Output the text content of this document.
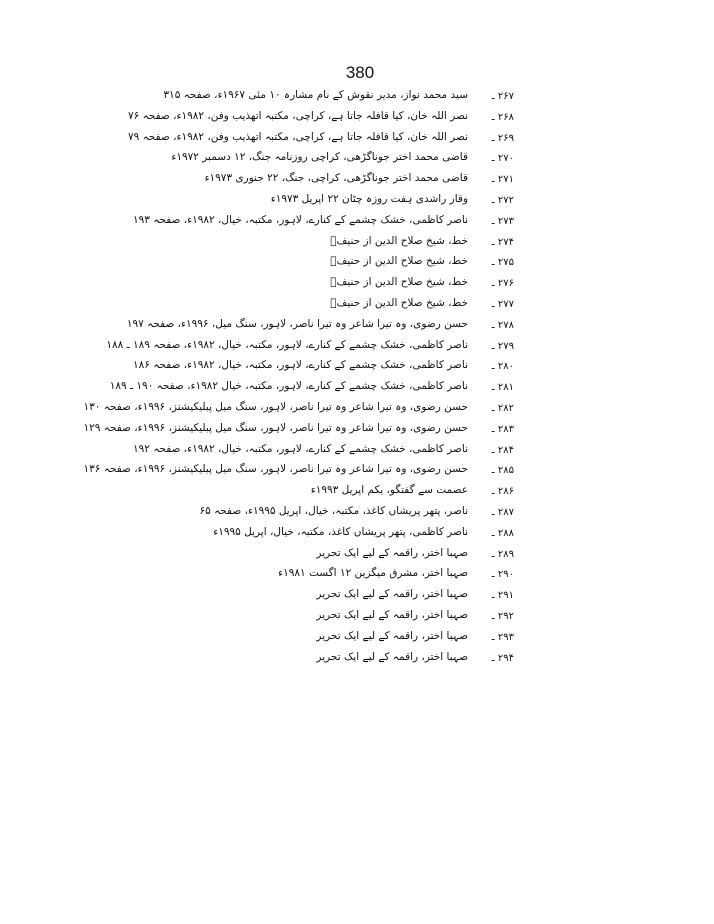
380
۲۶۷ ـ
سید محمد نواز، مدیر نقوش کے نام مشارہ ۱۰ مئی ۱۹۶۷ء، صفحہ ۳۱۵
۲۶۸ ـ
نصر اللہ خان، کیا قافلہ جاتا ہے، کراچی، مکتبہ اتھذیب وفن، ۱۹۸۲ء، صفحہ ۷۶
۲۶۹ ـ
نصر اللہ خان، کیا قافلہ جاتا ہے، کراچی، مکتبہ اتھذیب وفن، ۱۹۸۲ء، صفحہ ۷۹
۲۷۰ ـ
قاضی محمد اختر جوناگڑھی، کراچی روزنامہ جنگ، ۱۲ دسمبر ۱۹۷۲ء
۲۷۱ ـ
قاضی محمد اختر جوناگڑھی، کراچی، جنگ، ۲۲ جنوری ۱۹۷۳ء
۲۷۲ ـ
وقار راشدی ہفت روزہ چٹان ۲۲ اپریل ۱۹۷۳ء
۲۷۳ ـ
ناصر کاظمی، خشک چشمے کے کنارے، لاہور، مکتبہ، خیال، ۱۹۸۲ء، صفحہ ۱۹۳
۲۷۴ ـ
خط، شیخ صلاح الدین از حنیفؔ
۲۷۵ ـ
خط، شیخ صلاح الدین از حنیفؔ
۲۷۶ ـ
خط، شیخ صلاح الدین از حنیفؔ
۲۷۷ ـ
خط، شیخ صلاح الدین از حنیفؔ
۲۷۸ ـ
حسن رضوی، وہ تیرا شاعر وہ تیرا ناصر، لاہور، سنگ میل، ۱۹۹۶ء، صفحہ ۱۹۷
۲۷۹ ـ
ناصر کاظمی، خشک چشمے کے کنارے، لاہور، مکتبہ، خیال، ۱۹۸۲ء، صفحہ ۱۸۹ ـ ۱۸۸
۲۸۰ ـ
ناصر کاظمی، خشک چشمے کے کنارے، لاہور، مکتبہ، خیال، ۱۹۸۲ء، صفحہ ۱۸۶
۲۸۱ ـ
ناصر کاظمی، خشک چشمے کے کنارے، لاہور، مکتبہ، خیال ۱۹۸۲ء، صفحہ ۱۹۰ ـ ۱۸۹
۲۸۲ ـ
حسن رضوی، وہ تیرا شاعر وہ تیرا ناصر، لاہور، سنگ میل پبلیکیشنز، ۱۹۹۶ء، صفحہ ۱۳۰
۲۸۳ ـ
حسن رضوی، وہ تیرا شاعر وہ تیرا ناصر، لاہور، سنگ میل پبلیکیشنز، ۱۹۹۶ء، صفحہ ۱۲۹
۲۸۴ ـ
ناصر کاظمی، خشک چشمے کے کنارے، لاہور، مکتبہ، خیال، ۱۹۸۲ء، صفحہ ۱۹۲
۲۸۵ ـ
حسن رضوی، وہ تیرا شاعر وہ تیرا ناصر، لاہور، سنگ میل پبلیکیشنز، ۱۹۹۶ء، صفحہ ۱۳۶
۲۸۶ ـ
عصمت سے گفتگو، یکم اپریل ۱۹۹۳ء
۲۸۷ ـ
ناصر، پتھر پریشاں کاغذ، مکتبہ، خیال، اپریل ۱۹۹۵ء، صفحہ ۶۵
۲۸۸ ـ
ناصر کاظمی، پتھر پریشاں کاغذ، مکتبہ، خیال، اپریل ۱۹۹۵ء
۲۸۹ ـ
صہبا اختر، راقمہ کے لیے ایک تحریر
۲۹۰ ـ
صہبا اختر، مشرق میگزین ۱۲ اگست ۱۹۸۱ء
۲۹۱ ـ
صہبا اختر، راقمہ کے لیے ایک تحریر
۲۹۲ ـ
صہبا اختر، راقمہ کے لیے ایک تحریر
۲۹۳ ـ
صہبا اختر، راقمہ کے لیے ایک تحریر
۲۹۴ ـ
صہبا اختر، راقمہ کے لیے ایک تحریر
